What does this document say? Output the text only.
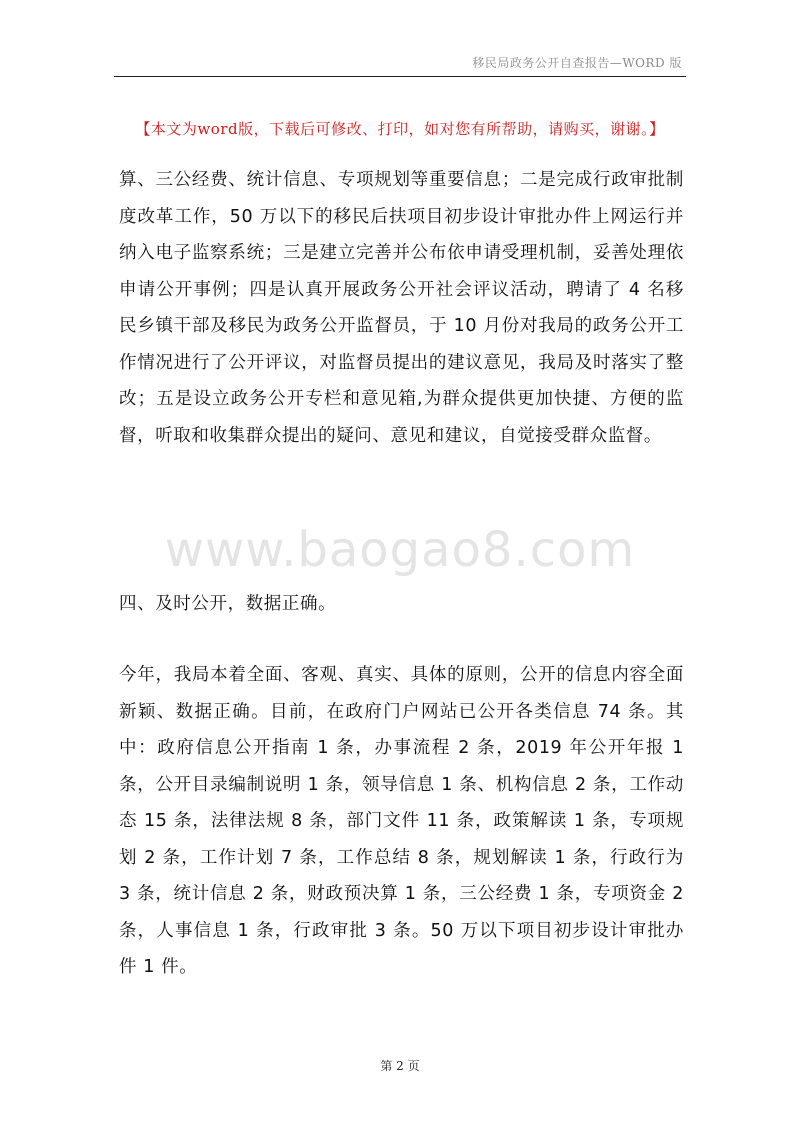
移民局政务公开自查报告—WORD 版
【本文为word版，下载后可修改、打印，如对您有所帮助，请购买，谢谢。】

算、三公经费、统计信息、专项规划等重要信息；二是完成行政审批制度改革工作，50 万以下的移民后扶项目初步设计审批办件上网运行并纳入电子监察系统；三是建立完善并公布依申请受理机制，妥善处理依申请公开事例；四是认真开展政务公开社会评议活动，聘请了 4 名移民乡镇干部及移民为政务公开监督员，于 10 月份对我局的政务公开工作情况进行了公开评议，对监督员提出的建议意见，我局及时落实了整改；五是设立政务公开专栏和意见箱,为群众提供更加快捷、方便的监督，听取和收集群众提出的疑问、意见和建议，自觉接受群众监督。

www.baogao8.com

四、及时公开，数据正确。

今年，我局本着全面、客观、真实、具体的原则，公开的信息内容全面新颖、数据正确。目前，在政府门户网站已公开各类信息 74 条。其中：政府信息公开指南 1 条，办事流程 2 条，2019 年公开年报 1 条，公开目录编制说明 1 条，领导信息 1 条、机构信息 2 条，工作动态 15 条，法律法规 8 条，部门文件 11 条，政策解读 1 条，专项规划 2 条，工作计划 7 条，工作总结 8 条，规划解读 1 条，行政行为 3 条，统计信息 2 条，财政预决算 1 条，三公经费 1 条，专项资金 2 条，人事信息 1 条，行政审批 3 条。50 万以下项目初步设计审批办件 1 件。

第 2 页
